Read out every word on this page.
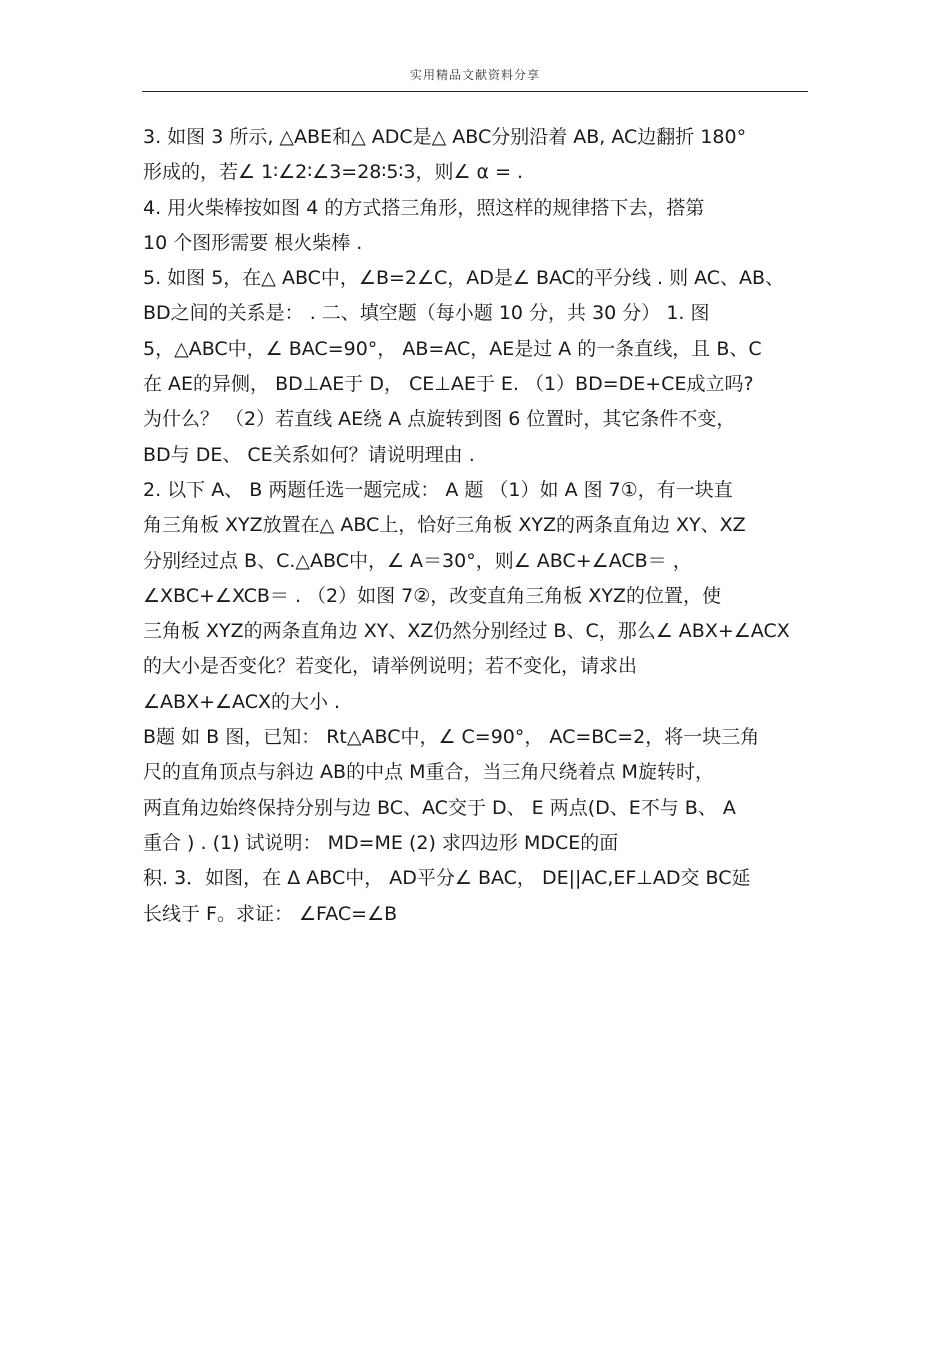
实用精品文献资料分享
3. 如图 3 所示, △ABE和△ ADC是△ ABC分别沿着 AB, AC边翻折 180°
形成的，若∠ 1∶∠2∶∠3=28∶5∶3，则∠ α = .
4. 用火柴棒按如图 4 的方式搭三角形，照这样的规律搭下去，搭第
10 个图形需要 根火柴棒 .
5. 如图 5，在△ ABC中，∠B=2∠C，AD是∠ BAC的平分线 . 则 AC、AB、
BD之间的关系是： . 二、填空题（每小题 10 分，共 30 分） 1. 图
5，△ABC中，∠ BAC=90°， AB=AC，AE是过 A 的一条直线，且 B、C
在 AE的异侧， BD⊥AE于 D， CE⊥AE于 E. （1）BD=DE+CE成立吗?
为什么？ （2）若直线 AE绕 A 点旋转到图 6 位置时，其它条件不变，
BD与 DE、 CE关系如何？请说明理由 .
2. 以下 A、 B 两题任选一题完成： A 题 （1）如 A 图 7①，有一块直
角三角板 XYZ放置在△ ABC上，恰好三角板 XYZ的两条直角边 XY、XZ
分别经过点 B、C.△ABC中，∠ A＝30°，则∠ ABC+∠ACB＝ ，
∠XBC+∠XCB＝ . （2）如图 7②，改变直角三角板 XYZ的位置，使
三角板 XYZ的两条直角边 XY、XZ仍然分别经过 B、C，那么∠ ABX+∠ACX
的大小是否变化？若变化，请举例说明；若不变化，请求出
∠ABX+∠ACX的大小 .
B题 如 B 图，已知： Rt△ABC中，∠ C=90°， AC=BC=2，将一块三角
尺的直角顶点与斜边 AB的中点 M重合，当三角尺绕着点 M旋转时，
两直角边始终保持分别与边 BC、AC交于 D、 E 两点(D、E不与 B、 A
重合 ) . (1) 试说明： MD=ME (2) 求四边形 MDCE的面
积. 3．如图，在 Δ ABC中， AD平分∠ BAC， DE||AC,EF⊥AD交 BC延
长线于 F。求证： ∠FAC=∠B
